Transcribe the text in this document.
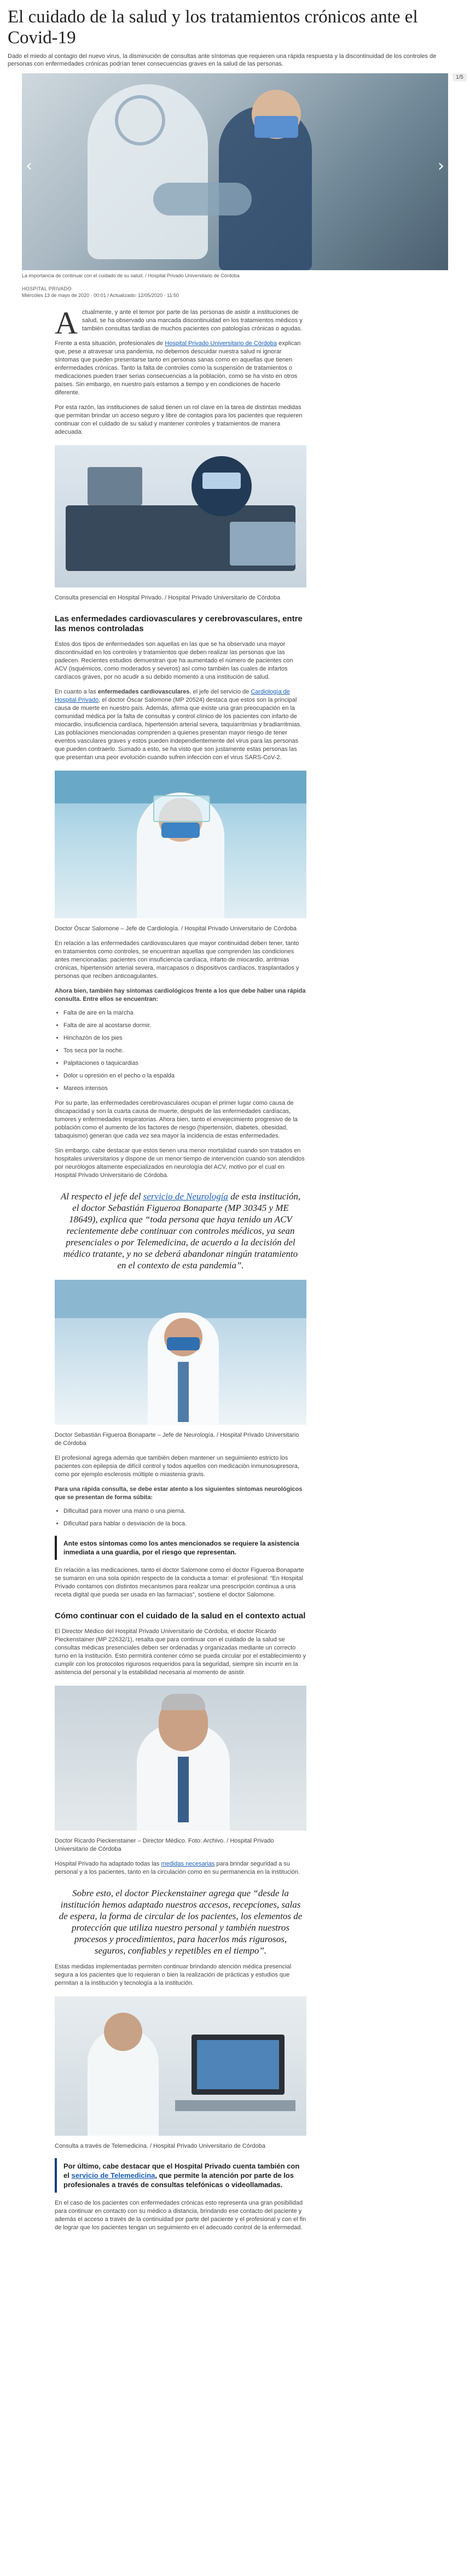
El cuidado de la salud y los tratamientos crónicos ante el Covid-19

Dado el miedo al contagio del nuevo virus, la disminución de consultas ante síntomas que requieren una rápida respuesta y la discontinuidad de los controles de personas con enfermedades crónicas podrían tener consecuencias graves en la salud de las personas.

‹	›
1/5

La importancia de continuar con el cuidado de su salud. / Hospital Privado Universitario de Córdoba

HOSPITAL PRIVADO
Miércoles 13 de mayo de 2020 · 00:01 / Actualizado: 12/05/2020 · 11:50

Actualmente, y ante el temor por parte de las personas de asistir a instituciones de salud, se ha observado una marcada discontinuidad en los tratamientos médicos y también consultas tardías de muchos pacientes con patologías crónicas o agudas.

Frente a esta situación, profesionales de Hospital Privado Universitario de Córdoba explican que, pese a atravesar una pandemia, no debemos descuidar nuestra salud ni ignorar síntomas que pueden presentarse tanto en personas sanas como en aquellas que tienen enfermedades crónicas. Tanto la falta de controles como la suspensión de tratamientos o medicaciones pueden traer serias consecuencias a la población, como se ha visto en otros países. Sin embargo, en nuestro país estamos a tiempo y en condiciones de hacerlo diferente.

Por esta razón, las instituciones de salud tienen un rol clave en la tarea de distintas medidas que permitan brindar un acceso seguro y libre de contagios para los pacientes que requieren continuar con el cuidado de su salud y mantener controles y tratamientos de manera adecuada.

Consulta presencial en Hospital Privado. / Hospital Privado Universitario de Córdoba

Las enfermedades cardiovasculares y cerebrovasculares, entre las menos controladas

Estos dos tipos de enfermedades son aquellas en las que se ha observado una mayor discontinuidad en los controles y tratamientos que deben realizar las personas que las padecen. Recientes estudios demuestran que ha aumentado el número de pacientes con ACV (isquémicos, como moderados y severos) así como también las cuales de infartos cardíacos graves, por no acudir a su debido momento a una institución de salud.

En cuanto a las enfermedades cardiovasculares, el jefe del servicio de Cardiología de Hospital Privado, el doctor Óscar Salomone (MP 20524) destaca que estos son la principal causa de muerte en nuestro país. Además, afirma que existe una gran preocupación en la comunidad médica por la falta de consultas y control clínico de los pacientes con infarto de miocardio, insuficiencia cardíaca, hipertensión arterial severa, taquiarritmias y bradiarritmias. Las poblaciones mencionadas comprenden a quienes presentan mayor riesgo de tener eventos vasculares graves y estos pueden independientemente del virus para las personas que pueden contraerlo. Sumado a esto, se ha visto que son justamente estas personas las que presentan una peor evolución cuando sufren infección con el virus SARS-CoV-2.

Doctor Óscar Salomone – Jefe de Cardiología. / Hospital Privado Universitario de Córdoba

En relación a las enfermedades cardiovasculares que mayor continuidad deben tener, tanto en tratamientos como controles, se encuentran aquellas que comprenden las condiciones antes mencionadas: pacientes con insuficiencia cardíaca, infarto de miocardio, arritmias crónicas, hipertensión arterial severa, marcapasos o dispositivos cardíacos, trasplantados y personas que reciben anticoagulantes.

Ahora bien, también hay síntomas cardiológicos frente a los que debe haber una rápida consulta. Entre ellos se encuentran:

• Falta de aire en la marcha
• Falta de aire al acostarse dormir.
• Hinchazón de los pies
• Tos seca por la noche.
• Palpitaciones o taquicardias
• Dolor u opresión en el pecho o la espalda
• Mareos intensos

Por su parte, las enfermedades cerebrovasculares ocupan el primer lugar como causa de discapacidad y son la cuarta causa de muerte, después de las enfermedades cardíacas, tumores y enfermedades respiratorias. Ahora bien, tanto el envejecimiento progresivo de la población como el aumento de los factores de riesgo (hipertensión, diabetes, obesidad, tabaquismo) generan que cada vez sea mayor la incidencia de estas enfermedades.

Sin embargo, cabe destacar que estos tienen una menor mortalidad cuando son tratados en hospitales universitarios y dispone de un menor tiempo de intervención cuando son atendidos por neurólogos altamente especializados en neurología del ACV, motivo por el cual en Hospital Privado Universitario de Córdoba.

Al respecto el jefe del servicio de Neurología de esta institución, el doctor Sebastián Figueroa Bonaparte (MP 30345 y ME 18649), explica que “toda persona que haya tenido un ACV recientemente debe continuar con controles médicos, ya sean presenciales o por Telemedicina, de acuerdo a la decisión del médico tratante, y no se deberá abandonar ningún tratamiento en el contexto de esta pandemia”.

Doctor Sebastián Figueroa Bonaparte – Jefe de Neurología. / Hospital Privado Universitario de Córdoba

El profesional agrega además que también deben mantener un seguimiento estricto los pacientes con epilepsia de difícil control y todos aquellos con medicación inmunosupresora, como por ejemplo esclerosis múltiple o miastenia gravis.

Para una rápida consulta, se debe estar atento a los siguientes síntomas neurológicos que se presentan de forma súbita:

• Dificultad para mover una mano o una pierna.
• Dificultad para hablar o desviación de la boca.
Ante estos síntomas como los antes mencionados se requiere la asistencia inmediata a una guardia, por el riesgo que representan.

En relación a las medicaciones, tanto el doctor Salomone como el doctor Figueroa Bonaparte se sumaron en una sola opinión respecto de la conducta a tomar: el profesional: “En Hospital Privado contamos con distintos mecanismos para realizar una prescripción continua a una receta digital que pueda ser usada en las farmacias”, sostiene el doctor Salomone.

Cómo continuar con el cuidado de la salud en el contexto actual

El Director Médico del Hospital Privado Universitario de Córdoba, el doctor Ricardo Pieckenstainer (MP 22632/1), resalta que para continuar con el cuidado de la salud se consultas médicas presenciales deben ser ordenadas y organizadas mediante un correcto turno en la institución. Esto permitirá contener cómo se pueda circular por el establecimiento y cumplir con los protocolos rigurosos requeridos para la seguridad, siempre sin incurrir en la asistencia del personal y la estabilidad necesaria al momento de asistir.

Doctor Ricardo Pieckenstainer – Director Médico. Foto: Archivo. / Hospital Privado Universitario de Córdoba

Hospital Privado ha adaptado todas las medidas necesarias para brindar seguridad a su personal y a los pacientes, tanto en la circulación como en su permanencia en la institución.

Sobre esto, el doctor Pieckenstainer agrega que “desde la institución hemos adaptado nuestros accesos, recepciones, salas de espera, la forma de circular de los pacientes, los elementos de protección que utiliza nuestro personal y también nuestros procesos y procedimientos, para hacerlos más rigurosos, seguros, confiables y repetibles en el tiempo”.

Estas medidas implementadas permiten continuar brindando atención médica presencial segura a los pacientes que lo requieran o bien la realización de prácticas y estudios que permitan a la institución y tecnología a la institución.

Consulta a través de Telemedicina. / Hospital Privado Universitario de Córdoba

Por último, cabe destacar que el Hospital Privado cuenta también con el servicio de Telemedicina, que permite la atención por parte de los profesionales a través de consultas telefónicas o videollamadas.

En el caso de los pacientes con enfermedades crónicas esto representa una gran posibilidad para continuar en contacto con su médico a distancia, brindando ese contacto del paciente y además el acceso a través de la continuidad por parte del paciente y el profesional y con el fin de lograr que los pacientes tengan un seguimiento en el adecuado control de la enfermedad.
